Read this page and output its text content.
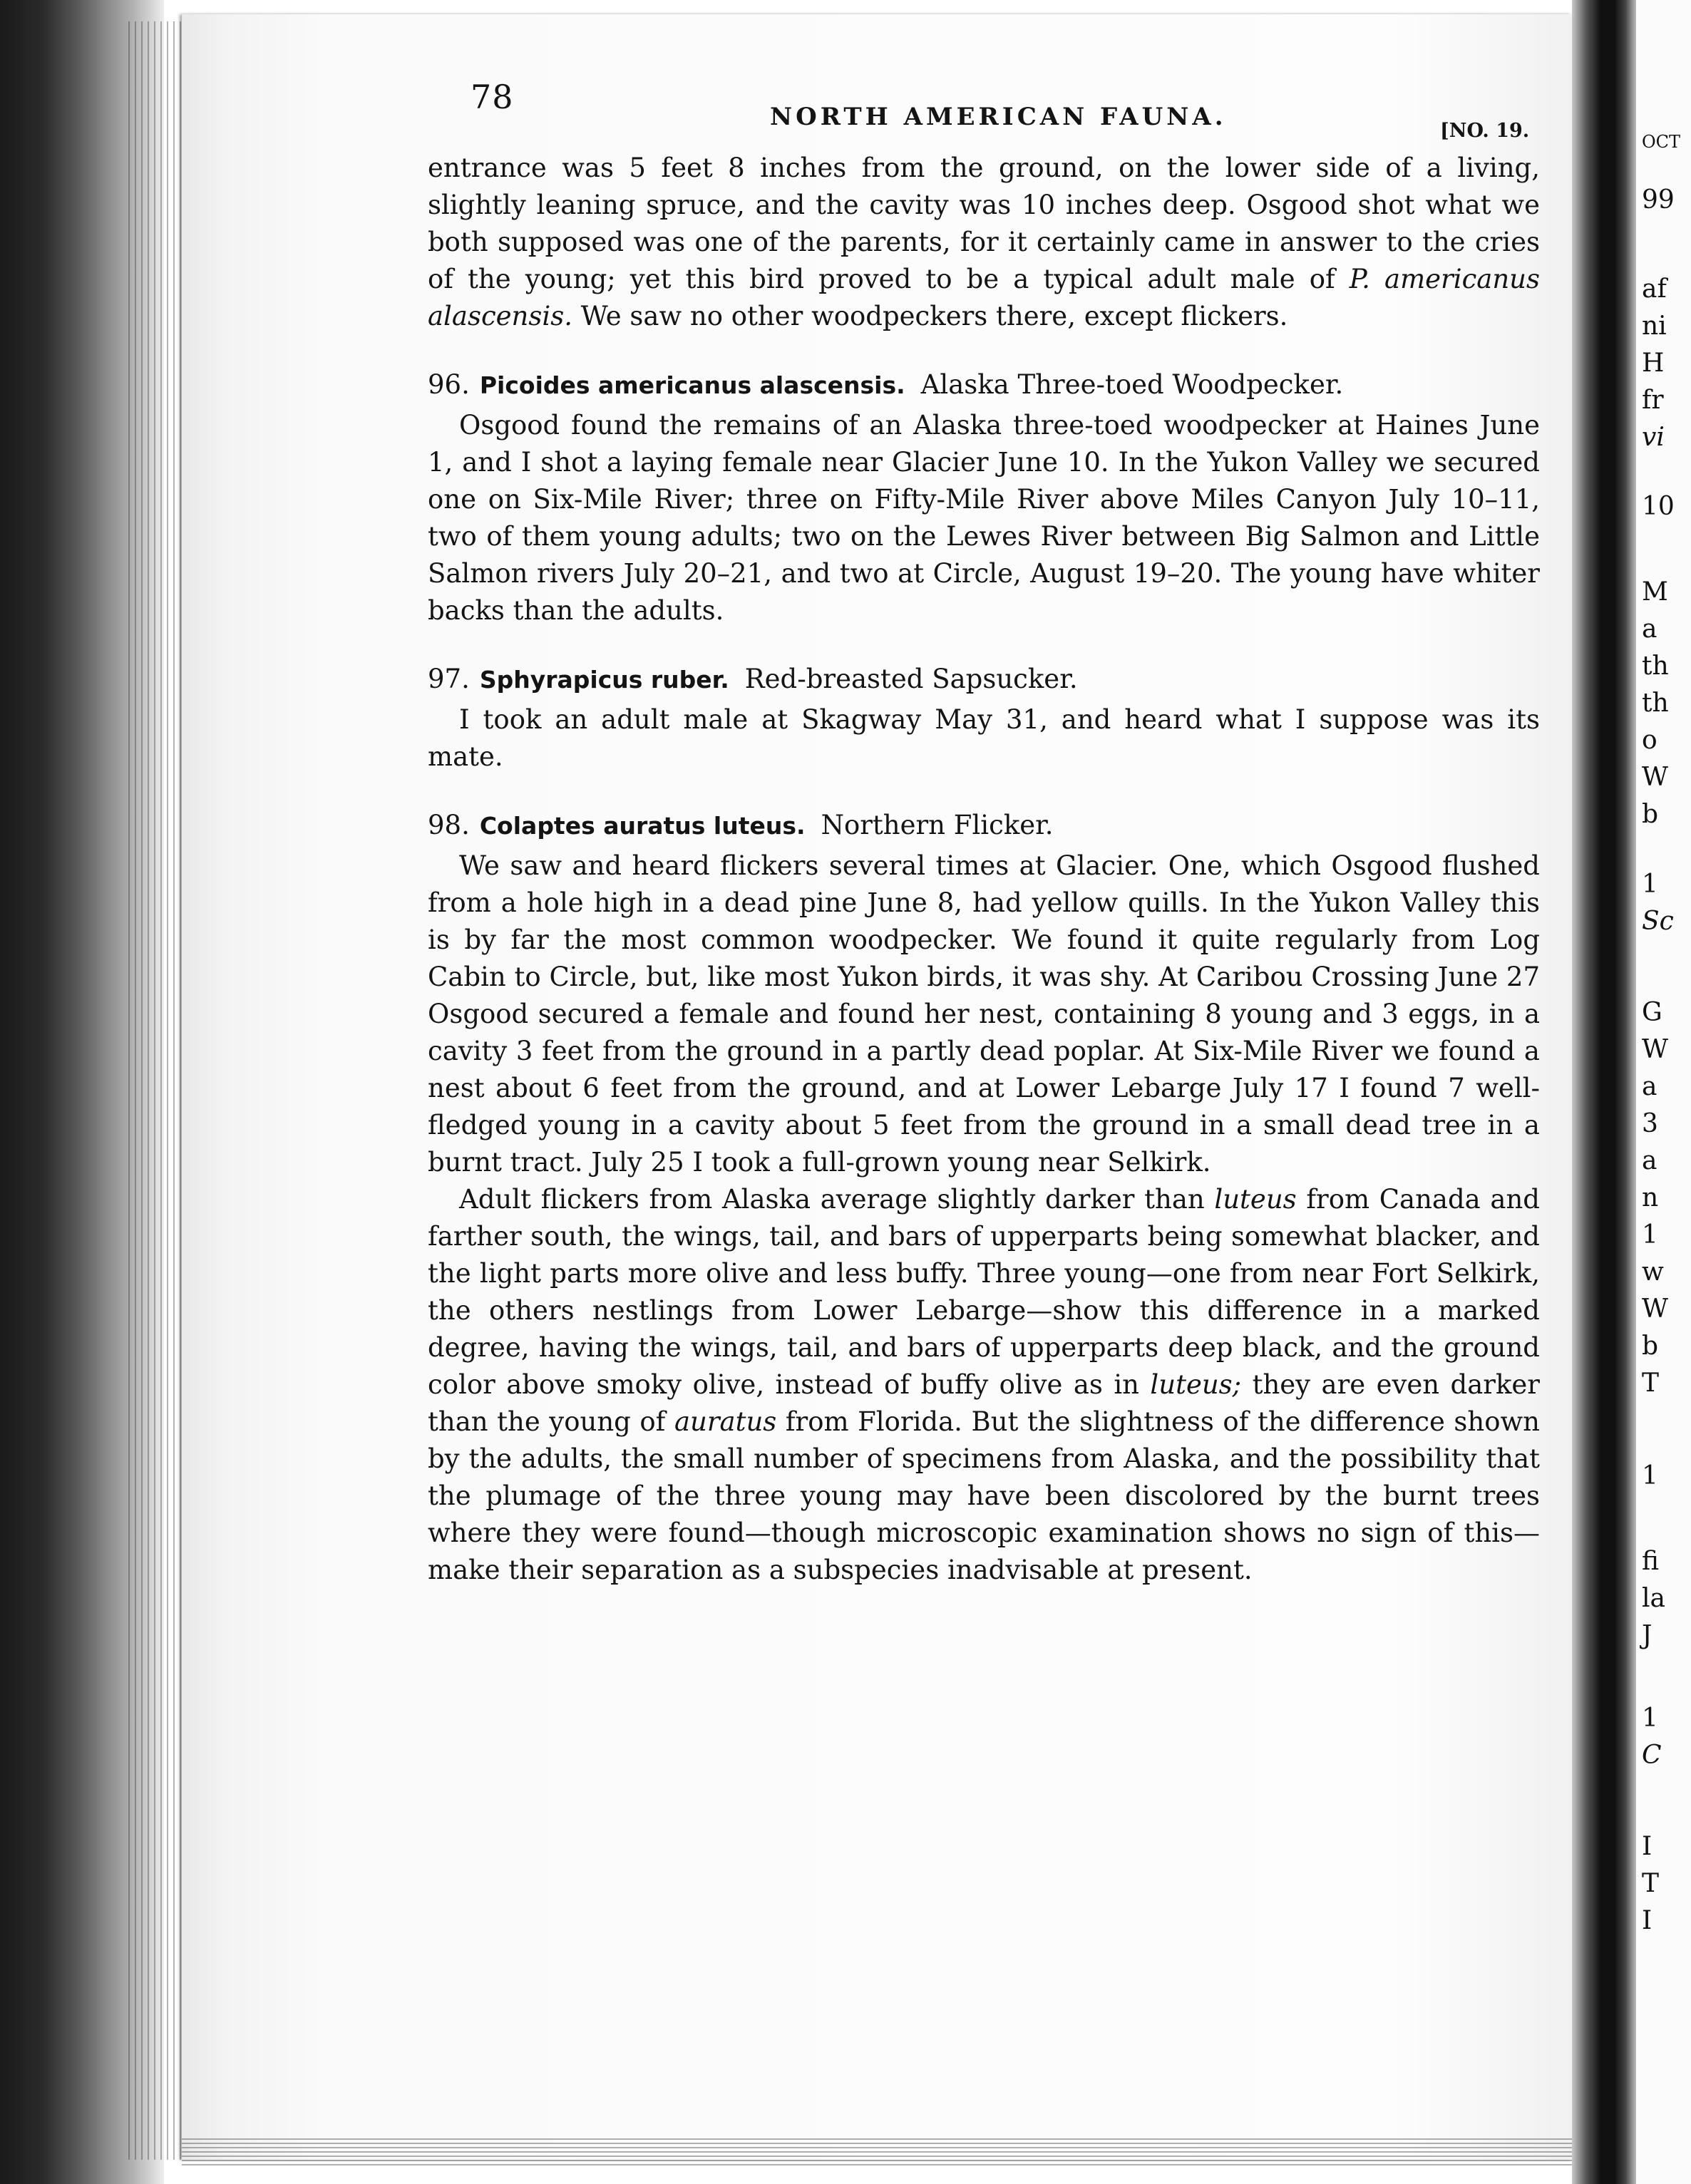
OCT
99
af
ni
H
fr
vi
10
M
a
th
th
o
W
b
1
Sc
G
W
a
3
a
n
1
w
W
b
T
1
fi
la
J
1
C
I
T
I
78
NORTH AMERICAN FAUNA.	[NO. 19.

entrance was 5 feet 8 inches from the ground, on the lower side of a living, slightly leaning spruce, and the cavity was 10 inches deep. Osgood shot what we both supposed was one of the parents, for it certainly came in answer to the cries of the young; yet this bird proved to be a typical adult male of P. americanus alascensis. We saw no other woodpeckers there, except flickers.

96. Picoides americanus alascensis. Alaska Three-toed Woodpecker.

Osgood found the remains of an Alaska three-toed woodpecker at Haines June 1, and I shot a laying female near Glacier June 10. In the Yukon Valley we secured one on Six-Mile River; three on Fifty-Mile River above Miles Canyon July 10–11, two of them young adults; two on the Lewes River between Big Salmon and Little Salmon rivers July 20–21, and two at Circle, August 19–20. The young have whiter backs than the adults.

97. Sphyrapicus ruber. Red-breasted Sapsucker.

I took an adult male at Skagway May 31, and heard what I suppose was its mate.

98. Colaptes auratus luteus. Northern Flicker.

We saw and heard flickers several times at Glacier. One, which Osgood flushed from a hole high in a dead pine June 8, had yellow quills. In the Yukon Valley this is by far the most common woodpecker. We found it quite regularly from Log Cabin to Circle, but, like most Yukon birds, it was shy. At Caribou Crossing June 27 Osgood secured a female and found her nest, containing 8 young and 3 eggs, in a cavity 3 feet from the ground in a partly dead poplar. At Six-Mile River we found a nest about 6 feet from the ground, and at Lower Lebarge July 17 I found 7 well-fledged young in a cavity about 5 feet from the ground in a small dead tree in a burnt tract. July 25 I took a full-grown young near Selkirk.

Adult flickers from Alaska average slightly darker than luteus from Canada and farther south, the wings, tail, and bars of upperparts being somewhat blacker, and the light parts more olive and less buffy. Three young—one from near Fort Selkirk, the others nestlings from Lower Lebarge—show this difference in a marked degree, having the wings, tail, and bars of upperparts deep black, and the ground color above smoky olive, instead of buffy olive as in luteus; they are even darker than the young of auratus from Florida. But the slightness of the difference shown by the adults, the small number of specimens from Alaska, and the possibility that the plumage of the three young may have been discolored by the burnt trees where they were found—though microscopic examination shows no sign of this—make their separation as a subspecies inadvisable at present.
